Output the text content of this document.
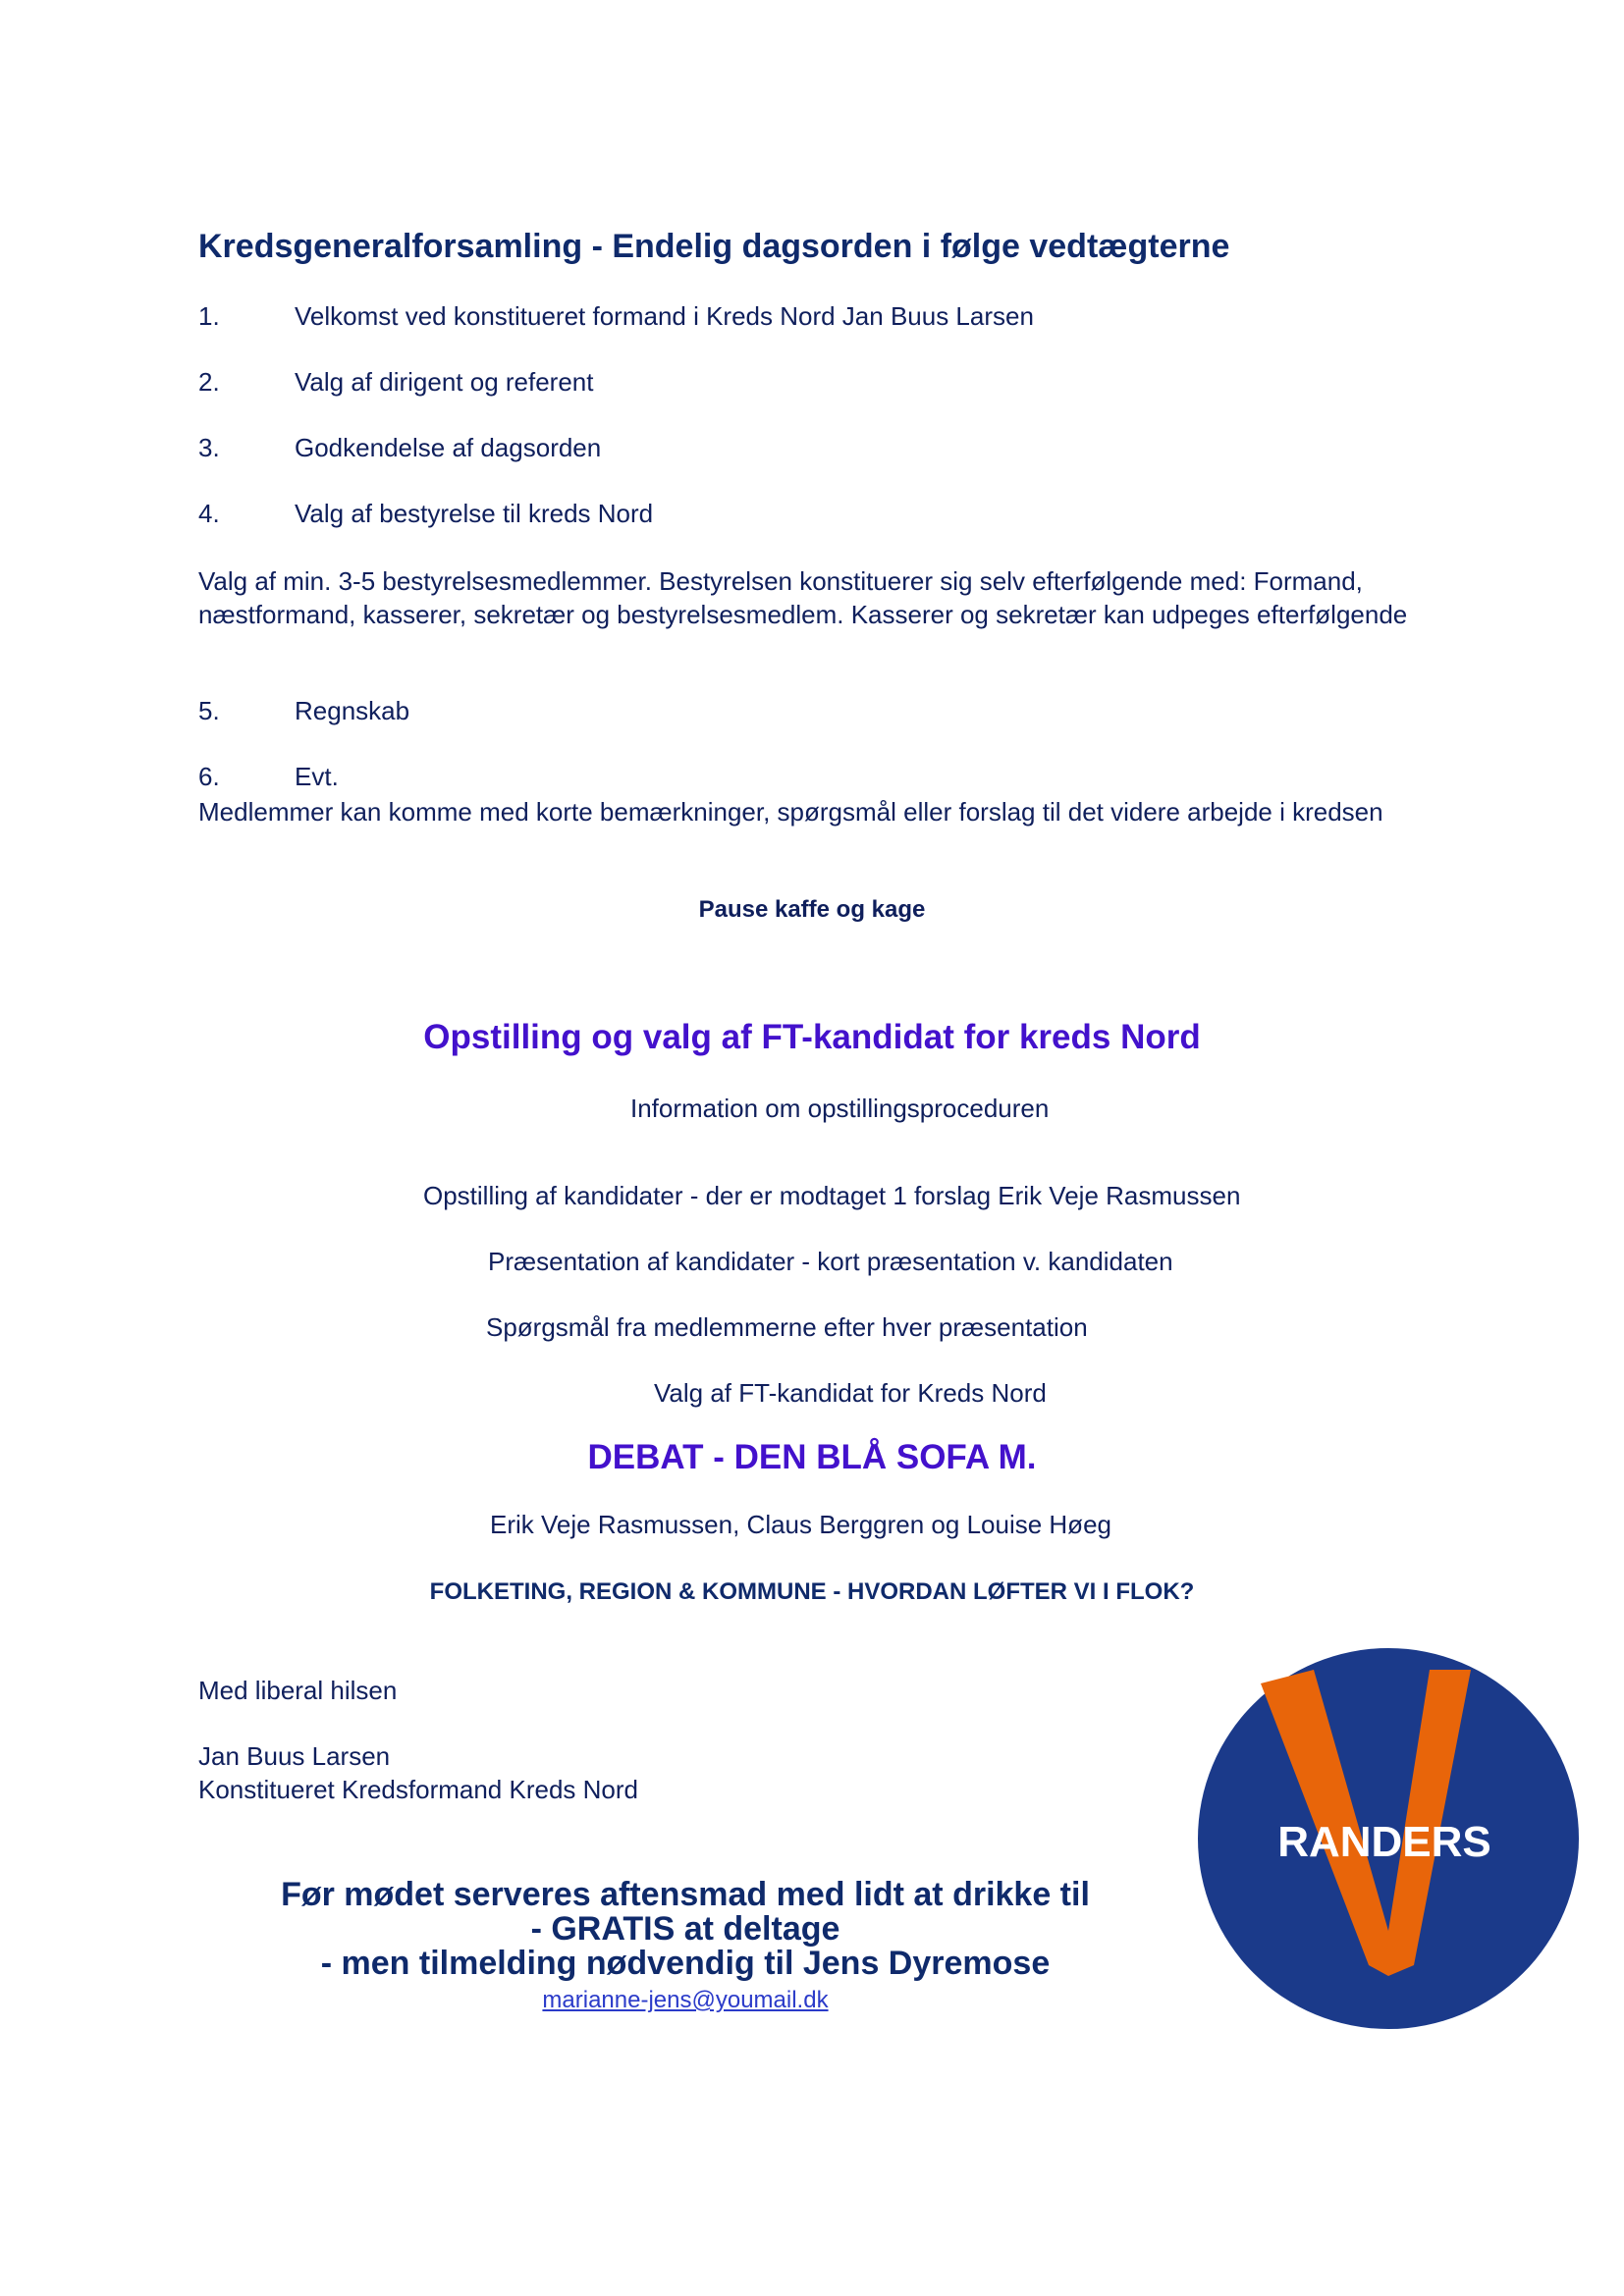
Kredsgeneralforsamling - Endelig dagsorden i følge vedtægterne
1.	Velkomst ved konstitueret formand i Kreds Nord Jan Buus Larsen
2.	Valg af dirigent og referent
3.	Godkendelse af dagsorden
4.	Valg af bestyrelse til kreds Nord
Valg af min. 3-5 bestyrelsesmedlemmer. Bestyrelsen konstituerer sig selv efterfølgende med: Formand, næstformand, kasserer, sekretær og bestyrelsesmedlem. Kasserer og sekretær kan udpeges efterfølgende
5.	Regnskab
6.	Evt.
Medlemmer kan komme med korte bemærkninger, spørgsmål eller forslag til det videre arbejde i kredsen
Pause kaffe og kage
Opstilling og valg af FT-kandidat for kreds Nord
Information om opstillingsproceduren
Opstilling af kandidater - der er modtaget 1 forslag Erik Veje Rasmussen
Præsentation af kandidater - kort præsentation v. kandidaten
Spørgsmål fra medlemmerne efter hver præsentation
Valg af FT-kandidat for Kreds Nord
DEBAT - DEN BLÅ SOFA M.
Erik Veje Rasmussen, Claus Berggren og Louise Høeg
FOLKETING, REGION & KOMMUNE - HVORDAN LØFTER VI I FLOK?
Med liberal hilsen
Jan Buus Larsen
Konstitueret Kredsformand Kreds Nord
Før mødet serveres aftensmad med lidt at drikke til
- GRATIS at deltage
- men tilmelding nødvendig til Jens Dyremose
marianne-jens@youmail.dk
RANDERS
